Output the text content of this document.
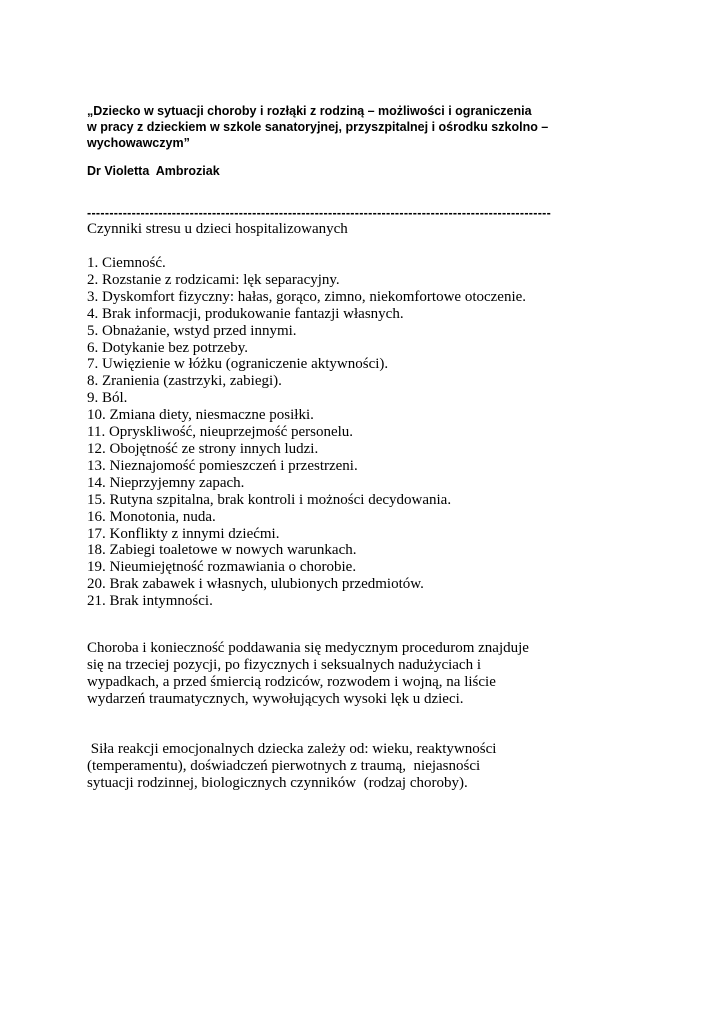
„Dziecko w sytuacji choroby i rozłąki z rodziną – możliwości i ograniczenia
w pracy z dzieckiem w szkole sanatoryjnej, przyszpitalnej i ośrodku szkolno –
wychowawczym”
Dr Violetta  Ambroziak
--------------------------------------------------------------------------------------------------------
Czynniki stresu u dzieci hospitalizowanych
1. Ciemność.
2. Rozstanie z rodzicami: lęk separacyjny.
3. Dyskomfort fizyczny: hałas, gorąco, zimno, niekomfortowe otoczenie.
4. Brak informacji, produkowanie fantazji własnych.
5. Obnażanie, wstyd przed innymi.
6. Dotykanie bez potrzeby.
7. Uwięzienie w łóżku (ograniczenie aktywności).
8. Zranienia (zastrzyki, zabiegi).
9. Ból.
10. Zmiana diety, niesmaczne posiłki.
11. Opryskliwość, nieuprzejmość personelu.
12. Obojętność ze strony innych ludzi.
13. Nieznajomość pomieszczeń i przestrzeni.
14. Nieprzyjemny zapach.
15. Rutyna szpitalna, brak kontroli i możności decydowania.
16. Monotonia, nuda.
17. Konflikty z innymi dziećmi.
18. Zabiegi toaletowe w nowych warunkach.
19. Nieumiejętność rozmawiania o chorobie.
20. Brak zabawek i własnych, ulubionych przedmiotów.
21. Brak intymności.
Choroba i konieczność poddawania się medycznym procedurom znajduje
się na trzeciej pozycji, po fizycznych i seksualnych nadużyciach i
wypadkach, a przed śmiercią rodziców, rozwodem i wojną, na liście
wydarzeń traumatycznych, wywołujących wysoki lęk u dzieci.
Siła reakcji emocjonalnych dziecka zależy od: wieku, reaktywności
(temperamentu), doświadczeń pierwotnych z traumą,  niejasności
sytuacji rodzinnej, biologicznych czynników  (rodzaj choroby).
